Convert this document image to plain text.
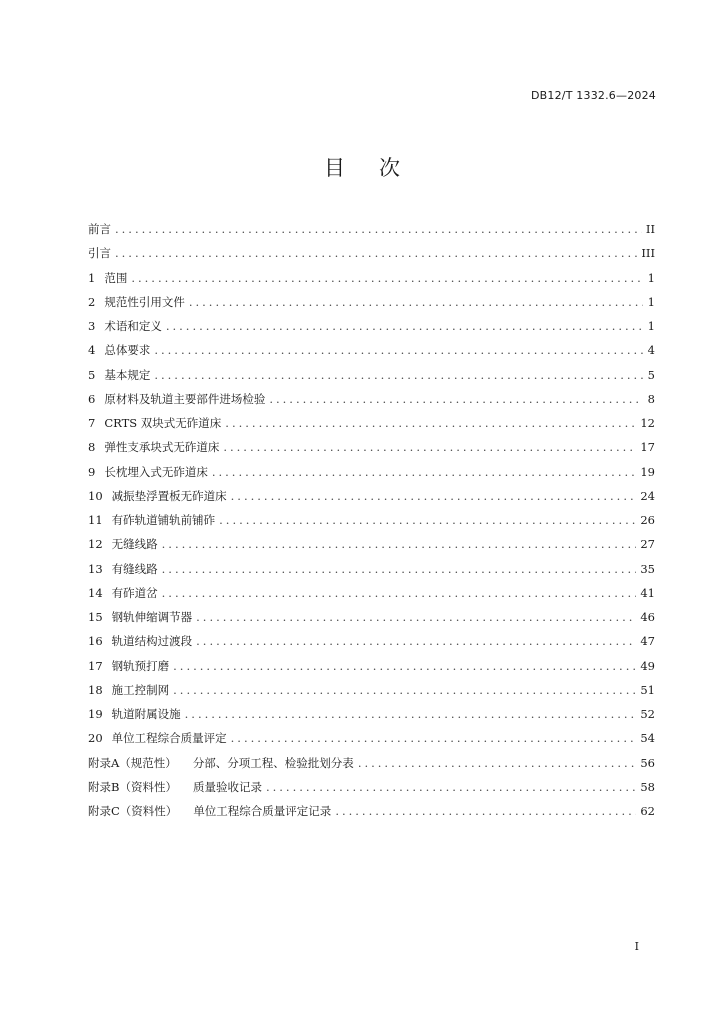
DB12/T 1332.6—2024
目次
前言 .....	II
引言 .....	III
1 范围 .....	1
2 规范性引用文件 .....	1
3 术语和定义 .....	1
4 总体要求 .....	4
5 基本规定 .....	5
6 原材料及轨道主要部件进场检验 .....	8
7 CRTS 双块式无砟道床 .....	12
8 弹性支承块式无砟道床 .....	17
9 长枕埋入式无砟道床 .....	19
10 减振垫浮置板无砟道床 .....	24
11 有砟轨道铺轨前铺砟 .....	26
12 无缝线路 .....	27
13 有缝线路 .....	35
14 有砟道岔 .....	41
15 钢轨伸缩调节器 .....	46
16 轨道结构过渡段 .....	47
17 钢轨预打磨 .....	49
18 施工控制网 .....	51
19 轨道附属设施 .....	52
20 单位工程综合质量评定 .....	54
附录A（规范性） 分部、分项工程、检验批划分表 .....	56
附录B（资料性） 质量验收记录 .....	58
附录C（资料性） 单位工程综合质量评定记录 .....	62
I
